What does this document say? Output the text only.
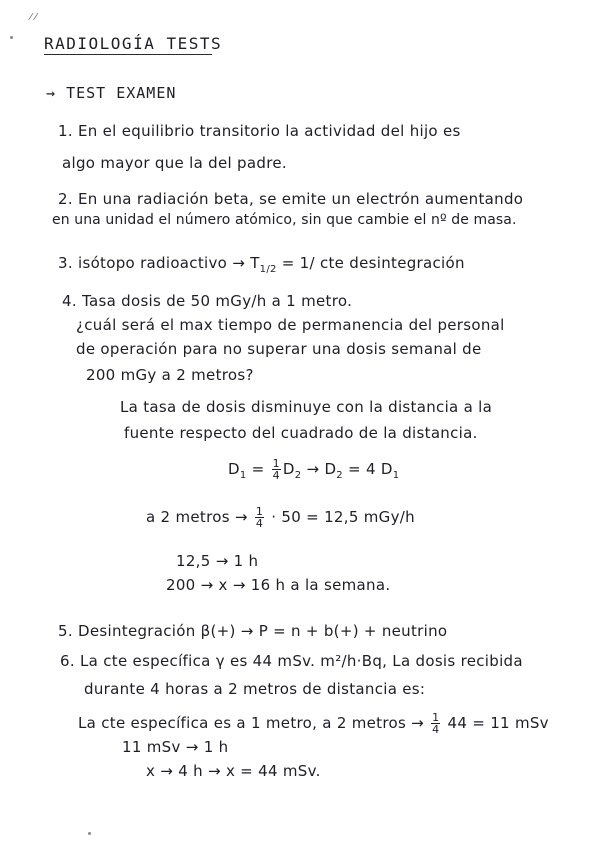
⁄ ⁄
RADIOLOGÍA TESTS
→ TEST EXAMEN
1. En el equilibrio transitorio la actividad del hijo es
algo mayor que la del padre.
2. En una radiación beta, se emite un electrón aumentando
en una unidad el número atómico, sin que cambie el nº de masa.
3. isótopo radioactivo → $T_{1/2} = 1/$ cte desintegración
4. Tasa dosis de 50 mGy/h a 1 metro.
¿cuál será el max tiempo de permanencia del personal
de operación para no superar una dosis semanal de
200 mGy a 2 metros?
La tasa de dosis disminuye con la distancia a la
fuente respecto del cuadrado de la distancia.
$D_1 = \frac{1}{4} D_2 \to D_2 = 4$ $D_1$
a 2 metros → $\frac{1}{4} \cdot 50 = 12,5$ mGy/h
12,5 → 1 h
200 → x → 16 h a la semana.
5. Desintegración β(+) → P = n + b(+) + neutrino
6. La cte específica γ es 44 mSv. m²/h·Bq, La dosis recibida
durante 4 horas a 2 metros de distancia es:
La cte específica es a 1 metro, a 2 metros → $\frac{1}{4} 44 = 11$ mSv
11 mSv → 1 h
x → 4 h → x = 44 mSv.
